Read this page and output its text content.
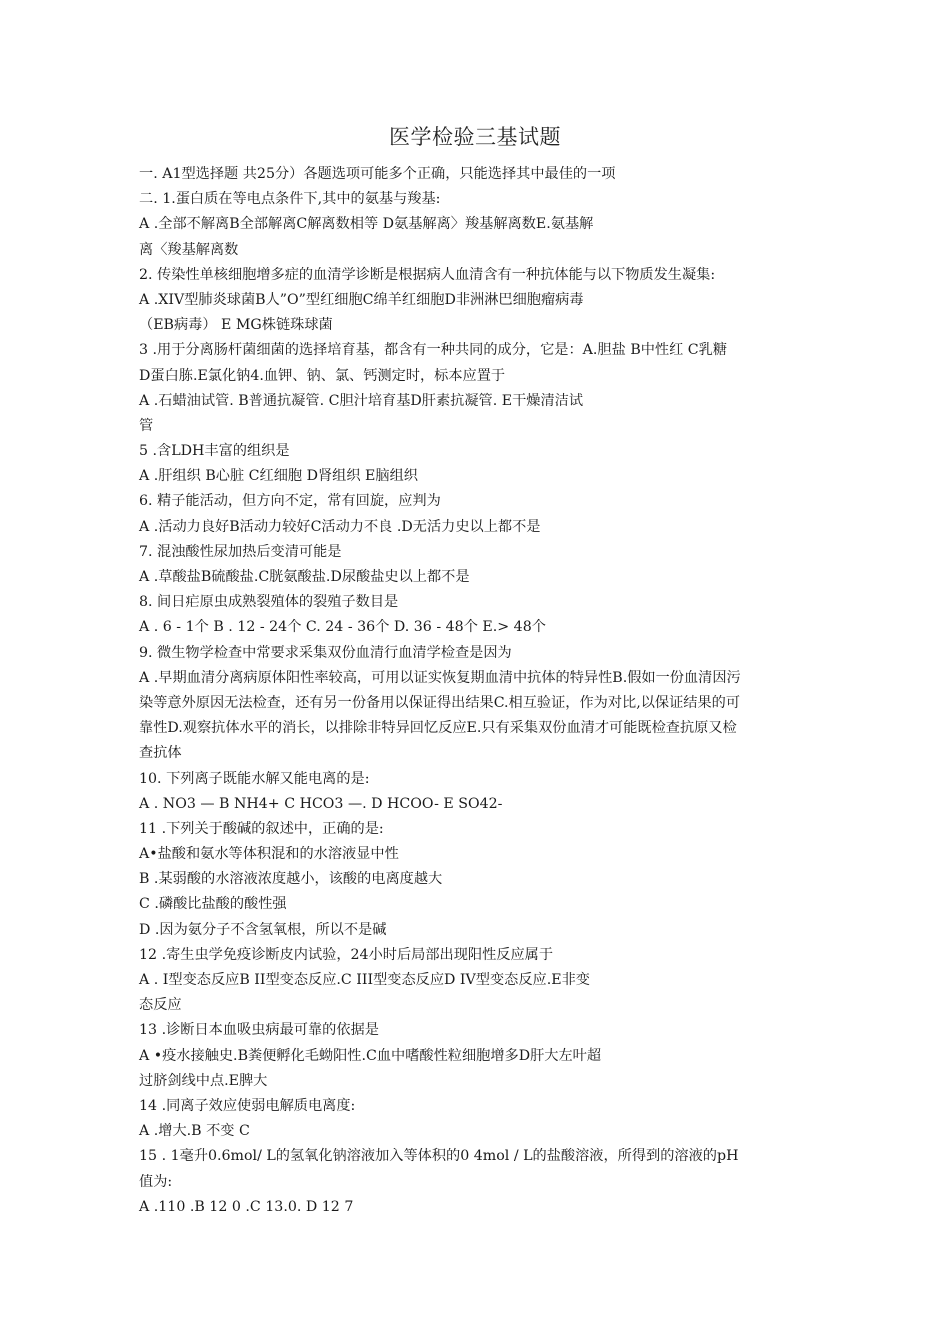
医学检验三基试题
一. A1型选择题 共25分）各题选项可能多个正确，只能选择其中最佳的一项
二. 1.蛋白质在等电点条件下,其中的氨基与羧基:
A .全部不解离B全部解离C解离数相等 D氨基解离〉羧基解离数E.氨基解
离〈羧基解离数
2. 传染性单核细胞增多症的血清学诊断是根据病人血清含有一种抗体能与以下物质发生凝集:
A .XIV型肺炎球菌B人”O”型红细胞C绵羊红细胞D非洲淋巴细胞瘤病毒
（EB病毒） E MG株链珠球菌
3 .用于分离肠杆菌细菌的选择培育基，都含有一种共同的成分，它是：A.胆盐 B中性红 C乳糖
D蛋白胨.E氯化钠4.血钾、钠、氯、钙测定时，标本应置于
A .石蜡油试管. B普通抗凝管. C胆汁培育基D肝素抗凝管. E干燥清洁试
管
5 .含LDH丰富的组织是
A .肝组织 B心脏 C红细胞 D肾组织 E脑组织
6. 精子能活动，但方向不定，常有回旋，应判为
A .活动力良好B活动力较好C活动力不良 .D无活力史以上都不是
7. 混浊酸性尿加热后变清可能是
A .草酸盐B硫酸盐.C胱氨酸盐.D尿酸盐史以上都不是
8. 间日疟原虫成熟裂殖体的裂殖子数目是
A . 6 - 1个 B . 12 - 24个 C. 24 - 36个 D. 36 - 48个 E.> 48个
9. 微生物学检查中常要求采集双份血清行血清学检查是因为
A .早期血清分离病原体阳性率较高，可用以证实恢复期血清中抗体的特异性B.假如一份血清因污
染等意外原因无法检查，还有另一份备用以保证得出结果C.相互验证，作为对比,以保证结果的可
靠性D.观察抗体水平的消长，以排除非特异回忆反应E.只有采集双份血清才可能既检查抗原又检
查抗体
10. 下列离子既能水解又能电离的是:
A . NO3 — B NH4+ C HCO3 —. D HCOO- E SO42-
11 .下列关于酸碱的叙述中，正确的是:
A•盐酸和氨水等体积混和的水溶液显中性
B .某弱酸的水溶液浓度越小，该酸的电离度越大
C .磷酸比盐酸的酸性强
D .因为氨分子不含氢氧根，所以不是碱
12 .寄生虫学免疫诊断皮内试验，24小时后局部出现阳性反应属于
A . I型变态反应B II型变态反应.C III型变态反应D IV型变态反应.E非变
态反应
13 .诊断日本血吸虫病最可靠的依据是
A •疫水接触史.B粪便孵化毛蚴阳性.C血中嗜酸性粒细胞增多D肝大左叶超
过脐剑线中点.E脾大
14 .同离子效应使弱电解质电离度:
A .增大.B 不变 C
15 . 1毫升0.6mol/ L的氢氧化钠溶液加入等体积的0 4mol / L的盐酸溶液，所得到的溶液的pH
值为:
A .110 .B 12 0 .C 13.0. D 12 7
